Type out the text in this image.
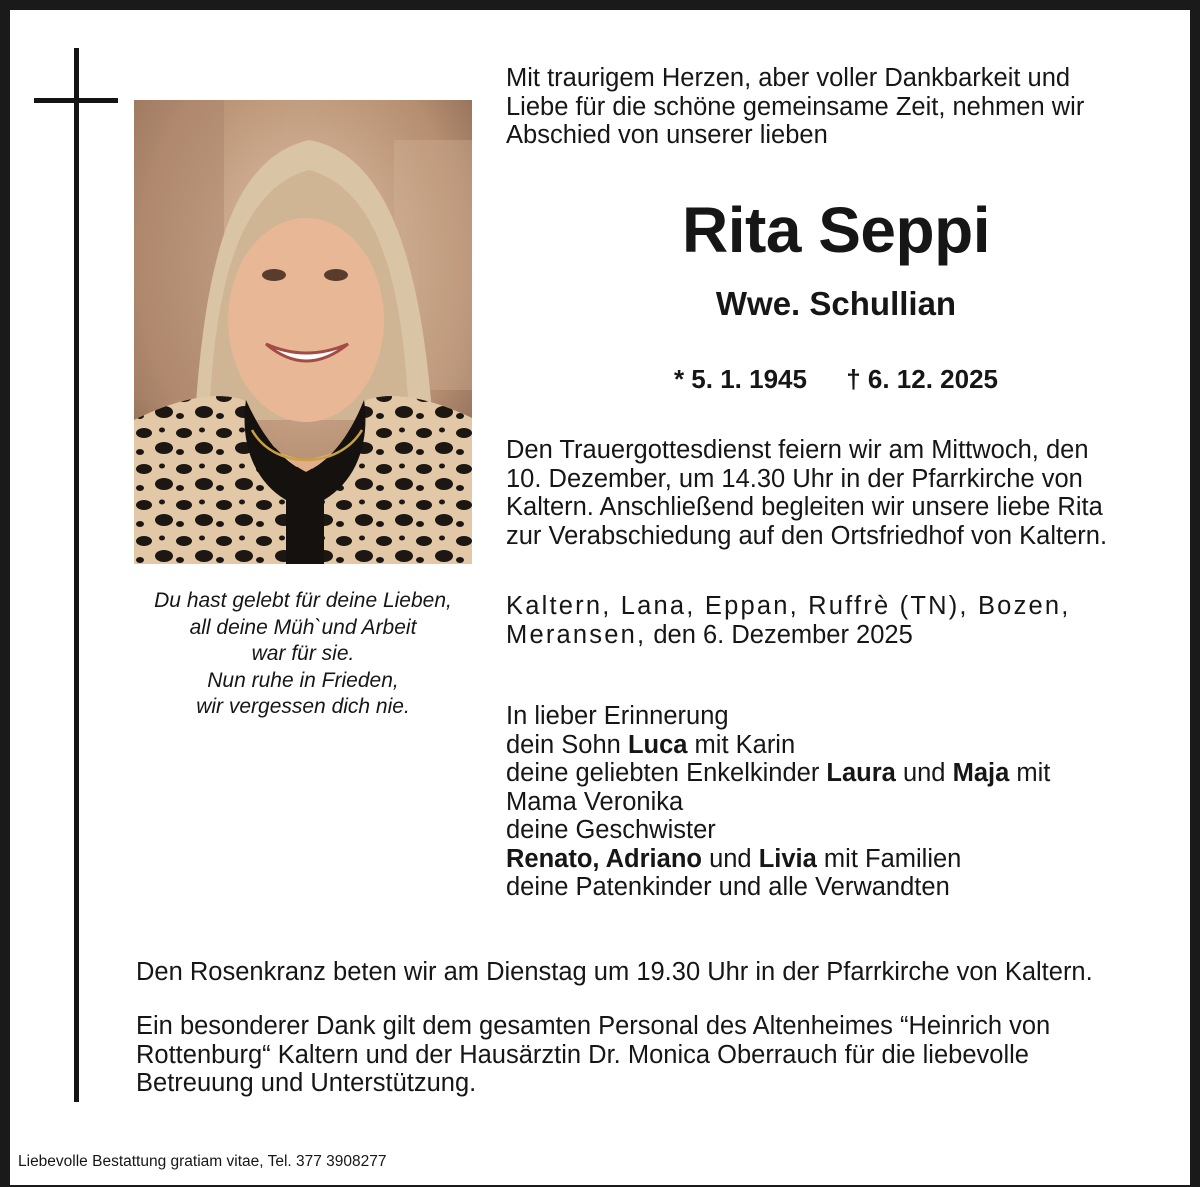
Du hast gelebt für deine Lieben,
all deine Müh`und Arbeit
war für sie.
Nun ruhe in Frieden,
wir vergessen dich nie.
Mit traurigem Herzen, aber voller Dankbarkeit und
Liebe für die schöne gemeinsame Zeit, nehmen wir
Abschied von unserer lieben
Rita Seppi
Wwe. Schullian
* 5. 1. 1945 † 6. 12. 2025
Den Trauergottesdienst feiern wir am Mittwoch, den
10. Dezember, um 14.30 Uhr in der Pfarrkirche von
Kaltern. Anschließend begleiten wir unsere liebe Rita
zur Verabschiedung auf den Ortsfriedhof von Kaltern.
Kaltern, Lana, Eppan, Ruffrè (TN), Bozen,
Meransen, den 6. Dezember 2025
In lieber Erinnerung
dein Sohn Luca mit Karin
deine geliebten Enkelkinder Laura und Maja mit
Mama Veronika
deine Geschwister
Renato, Adriano und Livia mit Familien
deine Patenkinder und alle Verwandten
Den Rosenkranz beten wir am Dienstag um 19.30 Uhr in der Pfarrkirche von Kaltern.
Ein besonderer Dank gilt dem gesamten Personal des Altenheimes “Heinrich von
Rottenburg“ Kaltern und der Hausärztin Dr. Monica Oberrauch für die liebevolle
Betreuung und Unterstützung.
Liebevolle Bestattung gratiam vitae, Tel. 377 3908277
